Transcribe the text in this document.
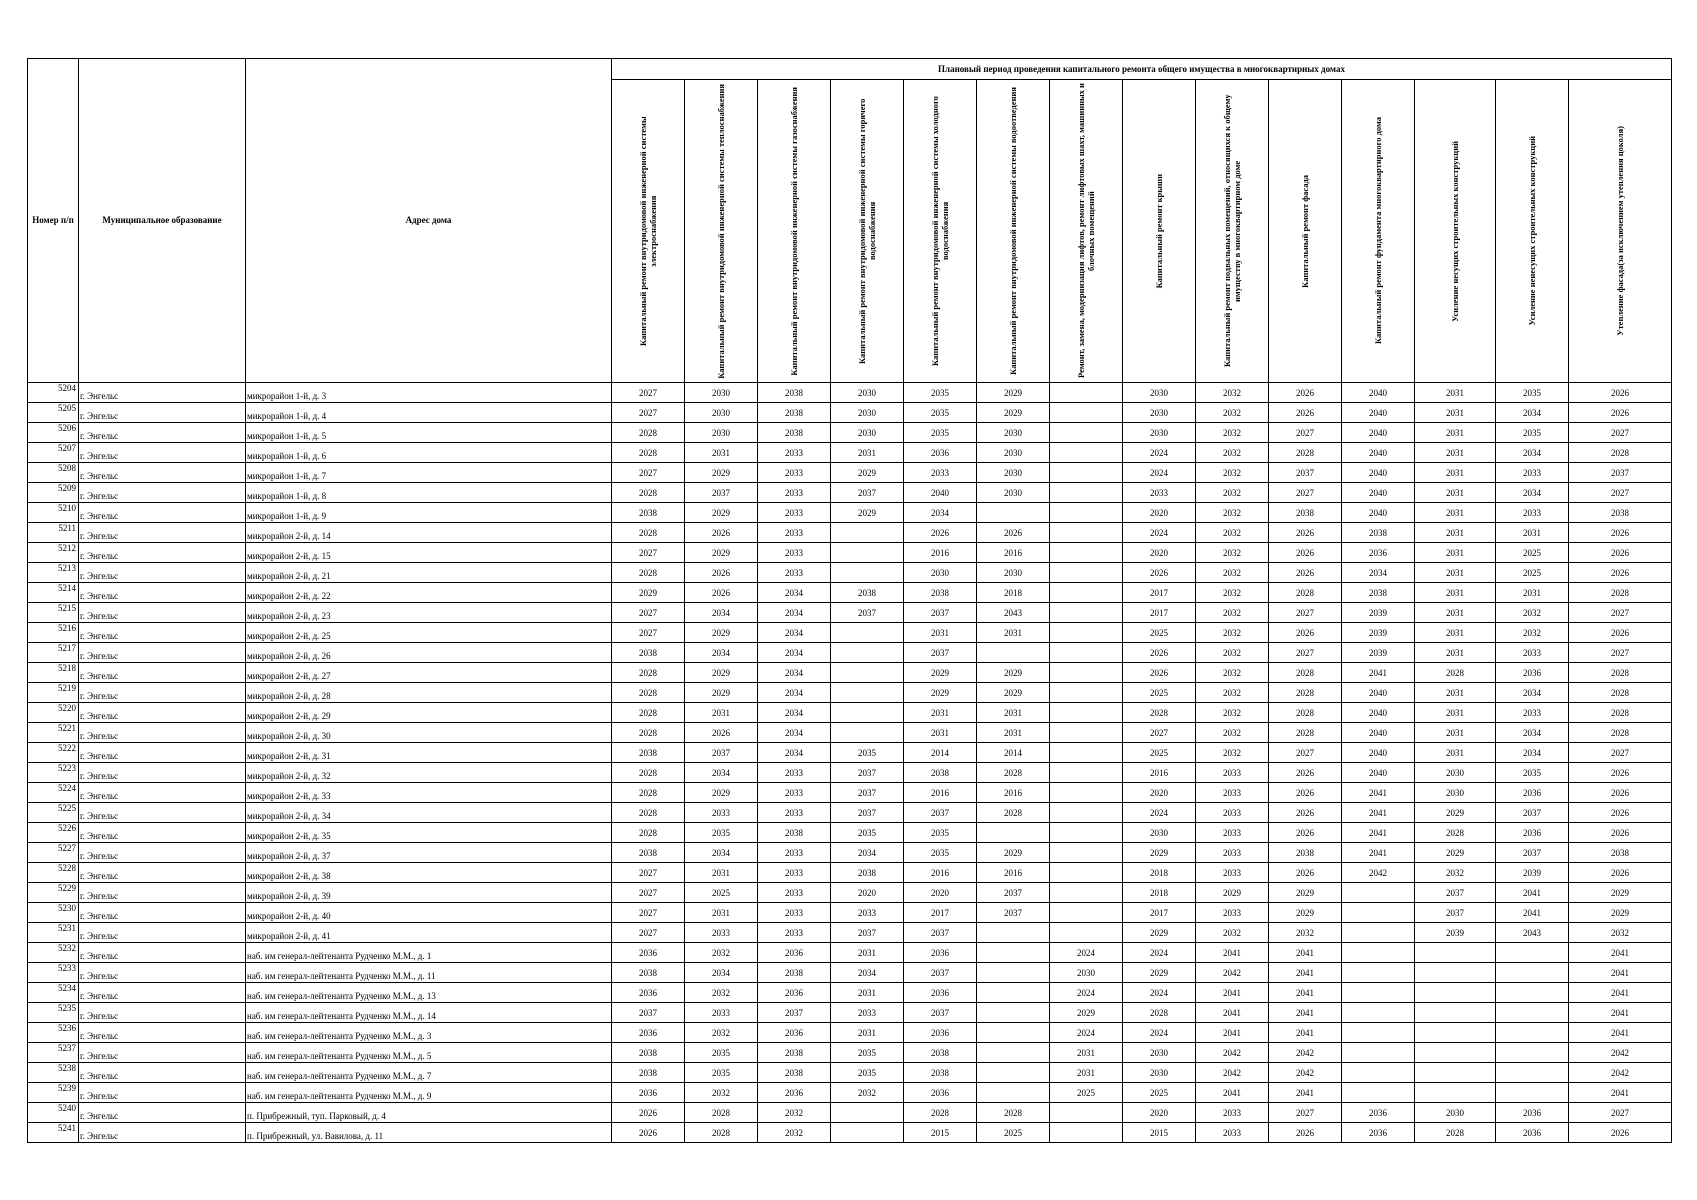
Номер п/п	Муниципальное образование	Адрес дома	Плановый период проведения капитального ремонта общего имущества в многоквартирных домах													

			Капитальный ремонт внутридомовой инженерной системы электроснабжения	Капитальный ремонт внутридомовой инженерной системы теплоснабжения	Капитальный ремонт внутридомовой инженерной системы газоснабжения	Капитальный ремонт внутридомовой инженерной системы горячего водоснабжения	Капитальный ремонт внутридомовой инженерной системы холодного водоснабжения	Капитальный ремонт внутридомовой инженерной системы водоотведения	Ремонт, замена, модернизация лифтов, ремонт лифтовых шахт, машинных и блочных помещений	Капитальный ремонт крыши	Капитальный ремонт подвальных помещений, относящихся к общему имуществу в многоквартирном доме	Капитальный ремонт фасада	Капитальный ремонт фундамента многоквартирного дома	Усиление несущих строительных конструкций	Усиление ненесущих строительных конструкций	Утепление фасада(за исключением утепления цоколя)

5204	г. Энгельс	микрорайон 1-й, д. 3	2027	2030	2038	2030	2035	2029		2030	2032	2026	2040	2031	2035	2026
5205	г. Энгельс	микрорайон 1-й, д. 4	2027	2030	2038	2030	2035	2029		2030	2032	2026	2040	2031	2034	2026
5206	г. Энгельс	микрорайон 1-й, д. 5	2028	2030	2038	2030	2035	2030		2030	2032	2027	2040	2031	2035	2027
5207	г. Энгельс	микрорайон 1-й, д. 6	2028	2031	2033	2031	2036	2030		2024	2032	2028	2040	2031	2034	2028
5208	г. Энгельс	микрорайон 1-й, д. 7	2027	2029	2033	2029	2033	2030		2024	2032	2037	2040	2031	2033	2037
5209	г. Энгельс	микрорайон 1-й, д. 8	2028	2037	2033	2037	2040	2030		2033	2032	2027	2040	2031	2034	2027
5210	г. Энгельс	микрорайон 1-й, д. 9	2038	2029	2033	2029	2034			2020	2032	2038	2040	2031	2033	2038
5211	г. Энгельс	микрорайон 2-й, д. 14	2028	2026	2033		2026	2026		2024	2032	2026	2038	2031	2031	2026
5212	г. Энгельс	микрорайон 2-й, д. 15	2027	2029	2033		2016	2016		2020	2032	2026	2036	2031	2025	2026
5213	г. Энгельс	микрорайон 2-й, д. 21	2028	2026	2033		2030	2030		2026	2032	2026	2034	2031	2025	2026
5214	г. Энгельс	микрорайон 2-й, д. 22	2029	2026	2034	2038	2038	2018		2017	2032	2028	2038	2031	2031	2028
5215	г. Энгельс	микрорайон 2-й, д. 23	2027	2034	2034	2037	2037	2043		2017	2032	2027	2039	2031	2032	2027
5216	г. Энгельс	микрорайон 2-й, д. 25	2027	2029	2034		2031	2031		2025	2032	2026	2039	2031	2032	2026
5217	г. Энгельс	микрорайон 2-й, д. 26	2038	2034	2034		2037			2026	2032	2027	2039	2031	2033	2027
5218	г. Энгельс	микрорайон 2-й, д. 27	2028	2029	2034		2029	2029		2026	2032	2028	2041	2028	2036	2028
5219	г. Энгельс	микрорайон 2-й, д. 28	2028	2029	2034		2029	2029		2025	2032	2028	2040	2031	2034	2028
5220	г. Энгельс	микрорайон 2-й, д. 29	2028	2031	2034		2031	2031		2028	2032	2028	2040	2031	2033	2028
5221	г. Энгельс	микрорайон 2-й, д. 30	2028	2026	2034		2031	2031		2027	2032	2028	2040	2031	2034	2028
5222	г. Энгельс	микрорайон 2-й, д. 31	2038	2037	2034	2035	2014	2014		2025	2032	2027	2040	2031	2034	2027
5223	г. Энгельс	микрорайон 2-й, д. 32	2028	2034	2033	2037	2038	2028		2016	2033	2026	2040	2030	2035	2026
5224	г. Энгельс	микрорайон 2-й, д. 33	2028	2029	2033	2037	2016	2016		2020	2033	2026	2041	2030	2036	2026
5225	г. Энгельс	микрорайон 2-й, д. 34	2028	2033	2033	2037	2037	2028		2024	2033	2026	2041	2029	2037	2026
5226	г. Энгельс	микрорайон 2-й, д. 35	2028	2035	2038	2035	2035			2030	2033	2026	2041	2028	2036	2026
5227	г. Энгельс	микрорайон 2-й, д. 37	2038	2034	2033	2034	2035	2029		2029	2033	2038	2041	2029	2037	2038
5228	г. Энгельс	микрорайон 2-й, д. 38	2027	2031	2033	2038	2016	2016		2018	2033	2026	2042	2032	2039	2026
5229	г. Энгельс	микрорайон 2-й, д. 39	2027	2025	2033	2020	2020	2037		2018	2029	2029		2037	2041	2029
5230	г. Энгельс	микрорайон 2-й, д. 40	2027	2031	2033	2033	2017	2037		2017	2033	2029		2037	2041	2029
5231	г. Энгельс	микрорайон 2-й, д. 41	2027	2033	2033	2037	2037			2029	2032	2032		2039	2043	2032
5232	г. Энгельс	наб. им генерал-лейтенанта Рудченко М.М., д. 1	2036	2032	2036	2031	2036		2024	2024	2041	2041				2041
5233	г. Энгельс	наб. им генерал-лейтенанта Рудченко М.М., д. 11	2038	2034	2038	2034	2037		2030	2029	2042	2041				2041
5234	г. Энгельс	наб. им генерал-лейтенанта Рудченко М.М., д. 13	2036	2032	2036	2031	2036		2024	2024	2041	2041				2041
5235	г. Энгельс	наб. им генерал-лейтенанта Рудченко М.М., д. 14	2037	2033	2037	2033	2037		2029	2028	2041	2041				2041
5236	г. Энгельс	наб. им генерал-лейтенанта Рудченко М.М., д. 3	2036	2032	2036	2031	2036		2024	2024	2041	2041				2041
5237	г. Энгельс	наб. им генерал-лейтенанта Рудченко М.М., д. 5	2038	2035	2038	2035	2038		2031	2030	2042	2042				2042
5238	г. Энгельс	наб. им генерал-лейтенанта Рудченко М.М., д. 7	2038	2035	2038	2035	2038		2031	2030	2042	2042				2042
5239	г. Энгельс	наб. им генерал-лейтенанта Рудченко М.М., д. 9	2036	2032	2036	2032	2036		2025	2025	2041	2041				2041
5240	г. Энгельс	п. Прибрежный, туп. Парковый, д. 4	2026	2028	2032		2028	2028		2020	2033	2027	2036	2030	2036	2027
5241	г. Энгельс	п. Прибрежный, ул. Вавилова, д. 11	2026	2028	2032		2015	2025		2015	2033	2026	2036	2028	2036	2026
